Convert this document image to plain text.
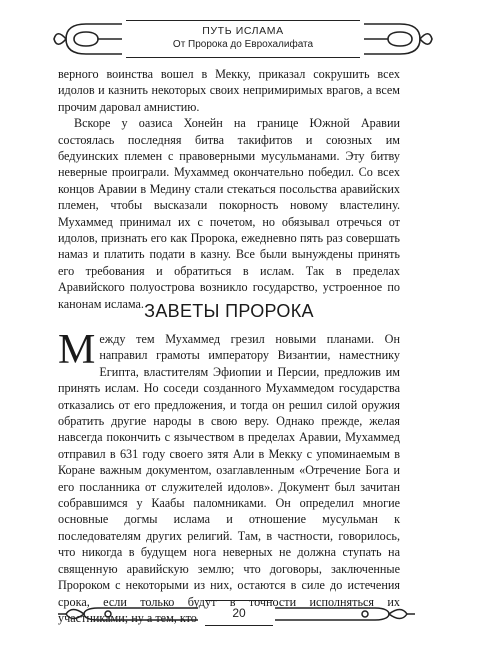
ПУТЬ ИСЛАМА
От Пророка до Еврохалифата

верного воинства вошел в Мекку, приказал сокрушить всех идолов и казнить некоторых своих непримиримых врагов, а всем прочим даровал амнистию.

Вскоре у оазиса Хонейн на границе Южной Аравии состоялась последняя битва такифитов и союзных им бедуинских племен с правоверными мусульманами. Эту битву неверные проиграли. Мухаммед окончательно победил. Со всех концов Аравии в Медину стали стекаться посольства аравийских племен, чтобы высказали покорность новому властелину. Мухаммед принимал их с почетом, но обязывал отречься от идолов, признать его как Пророка, ежедневно пять раз совершать намаз и платить подати в казну. Все были вынуждены принять его требования и обратиться в ислам. Так в пределах Аравийского полуострова возникло государство, устроенное по канонам ислама. ЗАВЕТЫ ПРОРОКА

Между тем Мухаммед грезил новыми планами. Он направил грамоты императору Византии, наместнику Египта, властителям Эфиопии и Персии, предложив им принять ислам. Но соседи созданного Мухаммедом государства отказались от его предложения, и тогда он решил силой оружия обратить другие народы в свою веру. Однако прежде, желая навсегда покончить с язычеством в пределах Аравии, Мухаммед отправил в 631 году своего зятя Али в Мекку с упоминаемым в Коране важным документом, озаглавленным «Отречение Бога и его посланника от служителей идолов». Документ был зачитан собравшимся у Каабы паломниками. Он определил многие основные догмы ислама и отношение мусульман к последователям других религий. Там, в частности, говорилось, что никогда в будущем нога неверных не должна ступать на священную аравийскую землю; что договоры, заключенные Пророком с некоторыми из них, остаются в силе до истечения срока, если только будут в точности исполняться их участниками; ну а тем, кто	20
